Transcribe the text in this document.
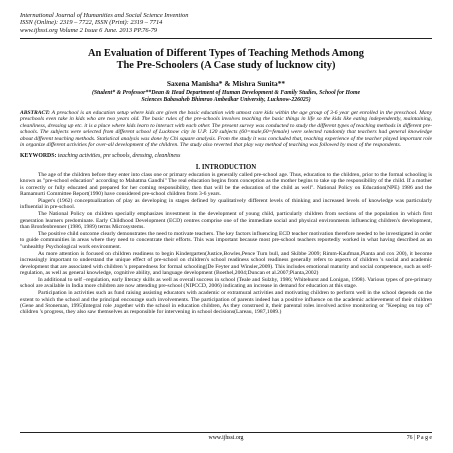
International Journal of Humanities and Social Science Invention
ISSN (Online): 2319 – 7722, ISSN (Print): 2319 – 7714
www.ijhssi.org Volume 2 Issue 6 June. 2013 PP.76-79
An Evaluation of Different Types of Teaching Methods Among
The Pre-Schoolers (A Case study of lucknow city)
Saxena Manisha* & Mishra Sunita**
(Student* & Professor**Dean & Head Department of Human Development & Family Studies, School for Home
Sciences Babasaheb Bhimrao Ambedkar University, Lucknow-226025)
ABSTRACT: A preschool is an education setup where kids are given the basic education with utmost care kids within the age group of 3-6 year get enrolled in the preschool. Many preschools even take in kids who are two years old. The basic rules of the pre-schools involves teaching the basic things in life so the kids like eating independently, maintaining, cleanliness, dressing up etc. it is a place where kids learn to interact with each other. The present survey was conducted to study the different types of teaching methods in different pre-schools. The subjects were selected from different school of Lucknow city in U.P. 120 subjects (60=male,60=female) were selected randomly that teachers had general knowledge about different teaching methods. Statistical analysis was done by Chi square analysis. From the study it was concluded that, teaching experience of the teacher played important role in organize different activities for over-all development of the children. The study also reverted that play way method of teaching was followed by most of the respondents.
KEYWORDS: teaching activities, pre schools, dressing, cleanliness
I. INTRODUCTION

The age of the children before they enter into class one or primary education is generally called pre-school age. Thus, education to the children, prior to the formal schooling is known as "pre-school education" according to Mahatma Gandhi" The real education begins from conception as the mother begins to take up the responsibility of the child. If a mother is correctly or fully educated and prepared for her coming responsibility, then that will be the education of the child as well". National Policy on Education(NPE) 1986 and the Ramamurti Committee Report(1990) have considered pre-school children from 3-6 years.

Piaget's (1962) conceptualization of play as developing in stages defined by qualitatively different levels of thinking and increased levels of knowledge was particularly influential in pre-school.

The National Policy on children specially emphasizes investment in the development of young child, particularly children from sections of the population in which first generation learners predominate. Early Childhood Development (ECD) centres comprise one of the immediate social and physical environments influencing children's development, than Bronfenbrenner (1986, 1989) terms Microsystems.

The positive child outcome clearly demonstrates the need to motivate teachers. The key factors influencing ECD teacher motivation therefore needed to be investigated in order to guide communities in areas where they need to concentrate their efforts. This was important because most pre-school teachers reportedly worked in what having described as an "unhealthy Psychological work environment.

As more attention is focused on children readiness to begin Kindergarten(Justice,Bowles,Pence Turn bull, and Skibbe 2009; Rimm-Kaufman,Pianta and cox 200), it become increasingly important to understand the unique effect of pre-school on children's school readiness school readiness generally refers to aspects of children 's social and academic development that are associated with children 's preparedness for formal schooling(De Feyter and Winsler,2009). This includes emotional maturity and social competence, such as self-regulation, as well as general knowledge, cognitive ability, and language development (Boethel,2004;Duncan et al.2007;Pianta,2002)

In additional to self –regulation, early literacy skills as well as overall success in school (Teale and Sulzby, 1986; Whitehurst and Lonigan, 1998). Various types of pre-primary school are available in India more children are now attending pre-school (NIPCCD, 2006) indicating an increase in demand for education at this stage.

Participation in activities such as fund raising assisting educators with academic or extramural activities and motivating children to perform well in the school depends on the extent to which the school and the principal encourage such involvements. The participation of parents indeed has a positive influence on the academic achievement of their children (Gene and Stoneman, 1995)Integral role ,together with the school in education children, As they construed it, their parental roles involved active monitoring or "Keeping on top of" children 's progress, they also saw themselves as responsible for intervening in school decisions(Lareau, 1987,1089.)

www.ijhssi.org	76 | P a g e
